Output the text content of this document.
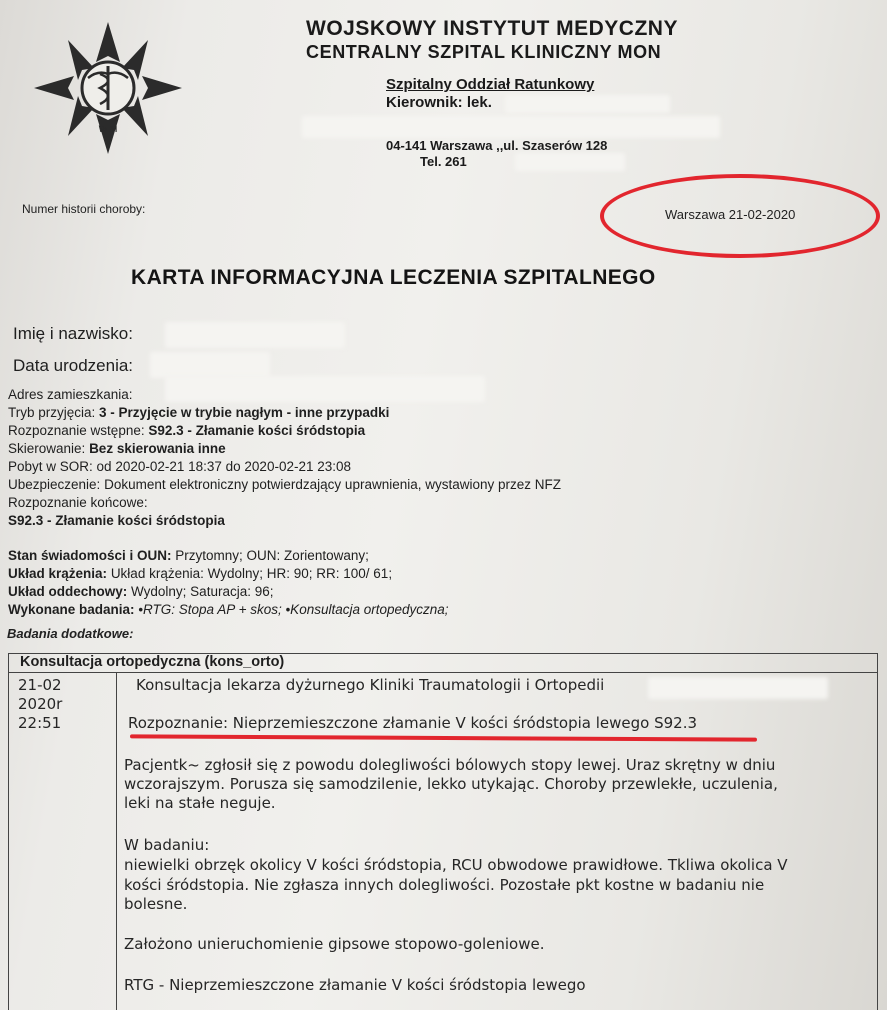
WIM
WOJSKOWY INSTYTUT MEDYCZNY
CENTRALNY SZPITAL KLINICZNY MON
Szpitalny Oddział Ratunkowy
Kierownik: lek.
04-141 Warszawa ,,ul. Szaserów 128
Tel. 261
Numer historii choroby:	Warszawa 21-02-2020
KARTA INFORMACYJNA LECZENIA SZPITALNEGO
Imię i nazwisko:
Data urodzenia:
Adres zamieszkania:
Tryb przyjęcia: 3 - Przyjęcie w trybie nagłym - inne przypadki
Rozpoznanie wstępne: S92.3 - Złamanie kości śródstopia
Skierowanie: Bez skierowania inne
Pobyt w SOR: od 2020-02-21 18:37 do 2020-02-21 23:08
Ubezpieczenie: Dokument elektroniczny potwierdzający uprawnienia, wystawiony przez NFZ
Rozpoznanie końcowe:
S92.3 - Złamanie kości śródstopia
Stan świadomości i OUN: Przytomny; OUN: Zorientowany;
Układ krążenia: Układ krążenia: Wydolny; HR: 90; RR: 100/ 61;
Układ oddechowy: Wydolny; Saturacja: 96;
Wykonane badania: •RTG: Stopa AP + skos; •Konsultacja ortopedyczna;
Badania dodatkowe:
Konsultacja ortopedyczna (kons_orto)
21-02
2020r
22:51
Konsultacja lekarza dyżurnego Kliniki Traumatologii i Ortopedii
Rozpoznanie: Nieprzemieszczone złamanie V kości śródstopia lewego S92.3
Pacjentk~ zgłosił się z powodu dolegliwości bólowych stopy lewej. Uraz skrętny w dniu
wczorajszym. Porusza się samodzilenie, lekko utykając. Choroby przewlekłe, uczulenia,
leki na stałe neguje.
W badaniu:
niewielki obrzęk okolicy V kości śródstopia, RCU obwodowe prawidłowe. Tkliwa okolica V
kości śródstopia. Nie zgłasza innych dolegliwości. Pozostałe pkt kostne w badaniu nie
bolesne.
Założono unieruchomienie gipsowe stopowo-goleniowe.
RTG - Nieprzemieszczone złamanie V kości śródstopia lewego
